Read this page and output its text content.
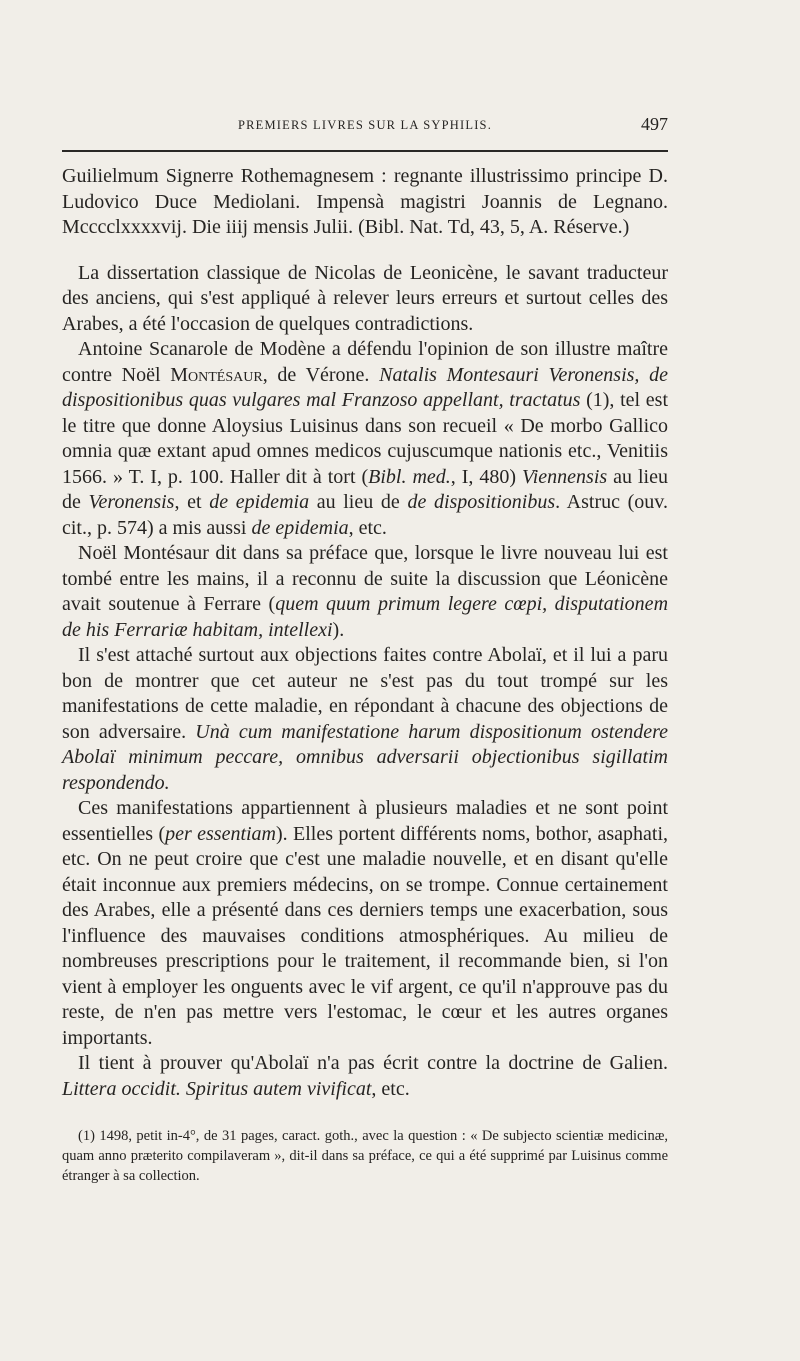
PREMIERS LIVRES SUR LA SYPHILIS.	497

Guilielmum Signerre Rothemagnesem : regnante illustrissimo principe D. Ludovico Duce Mediolani. Impensà magistri Joannis de Legnano. Mcccclxxxxvij. Die iiij mensis Julii. (Bibl. Nat. Td, 43, 5, A. Réserve.)

La dissertation classique de Nicolas de Leonicène, le savant traducteur des anciens, qui s'est appliqué à relever leurs erreurs et surtout celles des Arabes, a été l'occasion de quelques contradictions.

Antoine Scanarole de Modène a défendu l'opinion de son illustre maître contre Noël Montésaur, de Vérone. Natalis Montesauri Veronensis, de dispositionibus quas vulgares mal Franzoso appellant, tractatus (1), tel est le titre que donne Aloysius Luisinus dans son recueil « De morbo Gallico omnia quæ extant apud omnes medicos cujuscumque nationis etc., Venitiis 1566. » T. I, p. 100. Haller dit à tort (Bibl. med., I, 480) Viennensis au lieu de Veronensis, et de epidemia au lieu de de dispositionibus. Astruc (ouv. cit., p. 574) a mis aussi de epidemia, etc.

Noël Montésaur dit dans sa préface que, lorsque le livre nouveau lui est tombé entre les mains, il a reconnu de suite la discussion que Léonicène avait soutenue à Ferrare (quem quum primum legere cœpi, disputationem de his Ferrariæ habitam, intellexi).

Il s'est attaché surtout aux objections faites contre Abolaï, et il lui a paru bon de montrer que cet auteur ne s'est pas du tout trompé sur les manifestations de cette maladie, en répondant à chacune des objections de son adversaire. Unà cum manifestatione harum dispositionum ostendere Abolaï minimum peccare, omnibus adversarii objectionibus sigillatim respondendo.

Ces manifestations appartiennent à plusieurs maladies et ne sont point essentielles (per essentiam). Elles portent différents noms, bothor, asaphati, etc. On ne peut croire que c'est une maladie nouvelle, et en disant qu'elle était inconnue aux premiers médecins, on se trompe. Connue certainement des Arabes, elle a présenté dans ces derniers temps une exacerbation, sous l'influence des mauvaises conditions atmosphériques. Au milieu de nombreuses prescriptions pour le traitement, il recommande bien, si l'on vient à employer les onguents avec le vif argent, ce qu'il n'approuve pas du reste, de n'en pas mettre vers l'estomac, le cœur et les autres organes importants.

Il tient à prouver qu'Abolaï n'a pas écrit contre la doctrine de Galien. Littera occidit. Spiritus autem vivificat, etc.

(1) 1498, petit in-4°, de 31 pages, caract. goth., avec la question : « De subjecto scientiæ medicinæ, quam anno præterito compilaveram », dit-il dans sa préface, ce qui a été supprimé par Luisinus comme étranger à sa collection.
